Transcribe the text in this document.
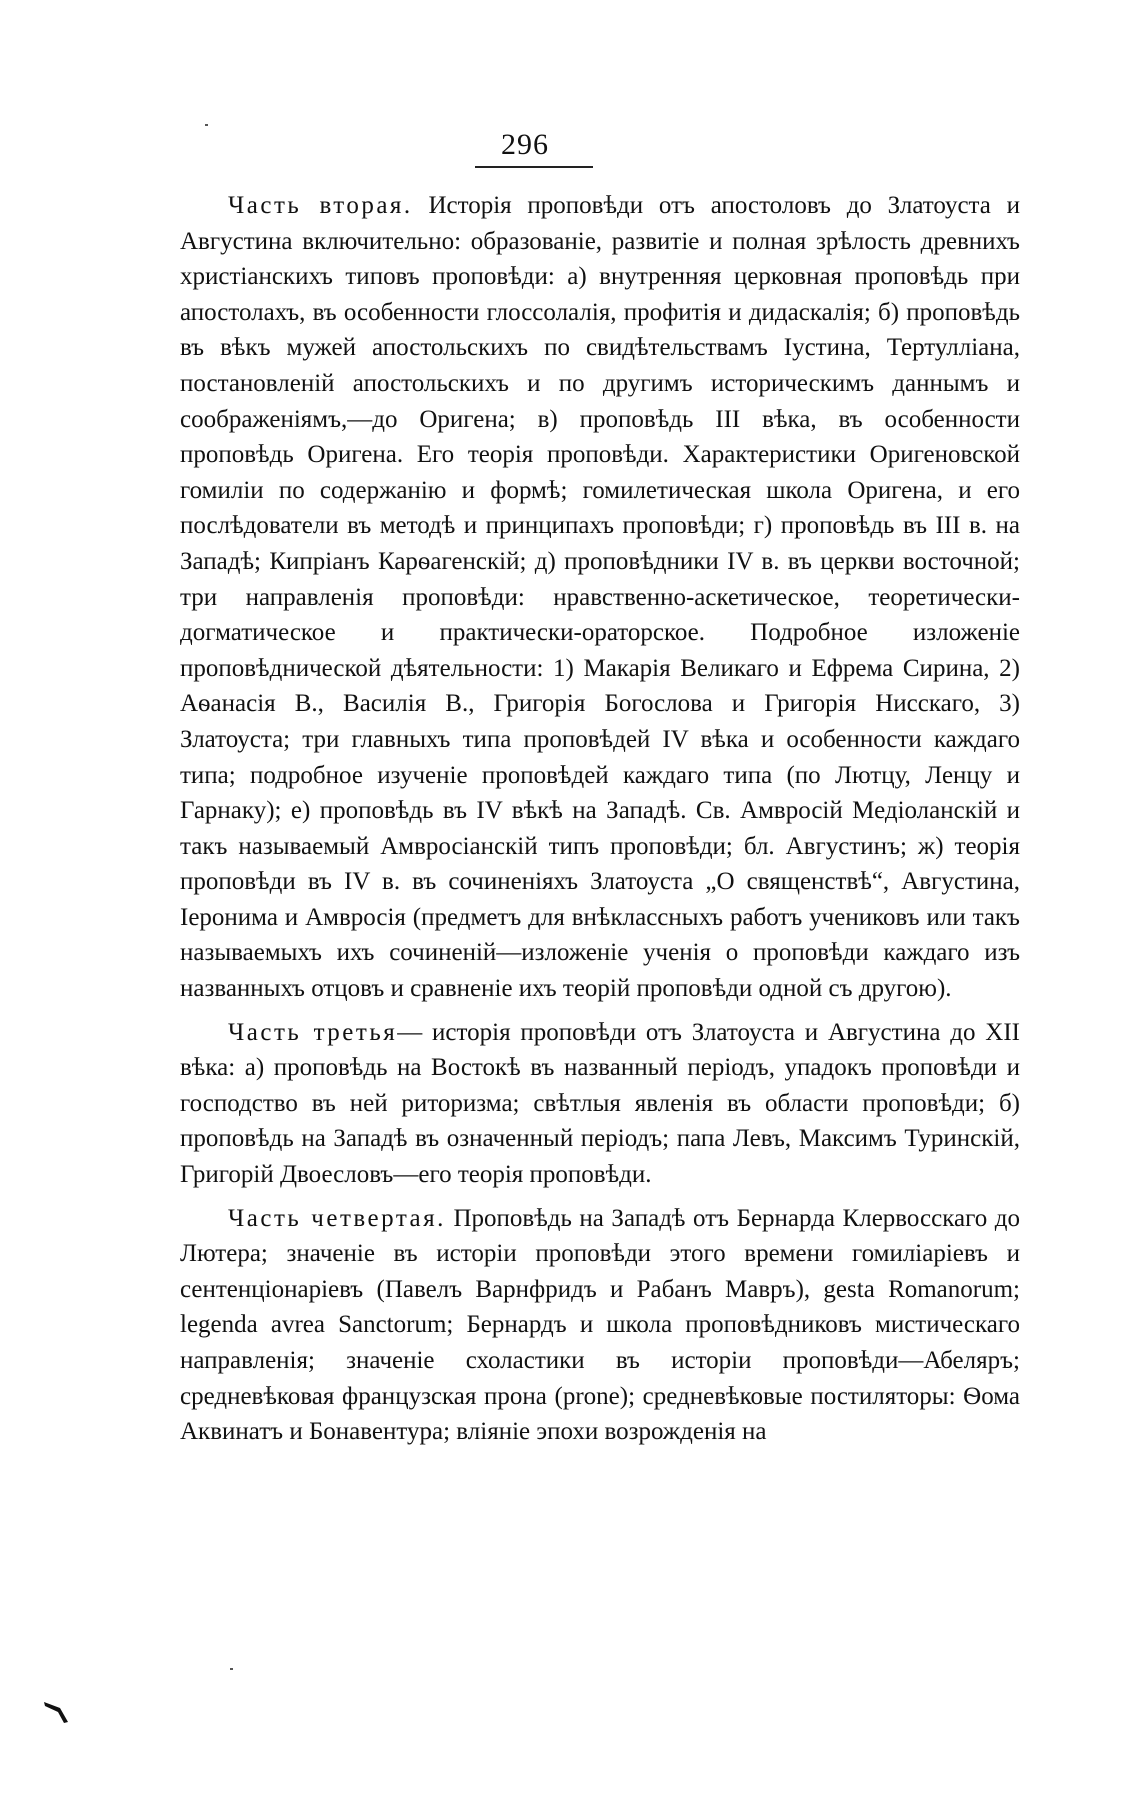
296

Часть вторая. Исторія проповѣди отъ апостоловъ до Златоуста и Августина включительно: образованіе, развитіе и полная зрѣлость древнихъ христіанскихъ типовъ проповѣди: а) внутренняя церковная проповѣдь при апостолахъ, въ особенности глоссолалія, профитія и дидаскалія; б) проповѣдь въ вѣкъ мужей апостольскихъ по свидѣтельствамъ Іустина, Тертулліана, постановленій апостольскихъ и по другимъ историческимъ даннымъ и соображеніямъ,—до Оригена; в) проповѣдь III вѣка, въ особенности проповѣдь Оригена. Его теорія проповѣди. Характеристики Оригеновской гомиліи по содержанію и формѣ; гомилетическая школа Оригена, и его послѣдователи въ методѣ и принципахъ проповѣди; г) проповѣдь въ III в. на Западѣ; Кипріанъ Карѳагенскій; д) проповѣдники IV в. въ церкви восточной; три направленія проповѣди: нравственно-аскетическое, теоретически-догматическое и практически-ораторское. Подробное изложеніе проповѣднической дѣятельности: 1) Макарія Великаго и Ефрема Сирина, 2) Аѳанасія В., Василія В., Григорія Богослова и Григорія Нисскаго, 3) Златоуста; три главныхъ типа проповѣдей IV вѣка и особенности каждаго типа; подробное изученіе проповѣдей каждаго типа (по Лютцу, Ленцу и Гарнаку); е) проповѣдь въ IV вѣкѣ на Западѣ. Св. Амвросій Медіоланскій и такъ называемый Амвросіанскій типъ проповѣди; бл. Августинъ; ж) теорія проповѣди въ IV в. въ сочиненіяхъ Златоуста „О священствѣ“, Августина, Іеронима и Амвросія (предметъ для внѣклассныхъ работъ учениковъ или такъ называемыхъ ихъ сочиненій—изложеніе ученія о проповѣди каждаго изъ названныхъ отцовъ и сравненіе ихъ теорій проповѣди одной съ другою).

Часть третья— исторія проповѣди отъ Златоуста и Августина до XII вѣка: а) проповѣдь на Востокѣ въ названный періодъ, упадокъ проповѣди и господство въ ней риторизма; свѣтлыя явленія въ области проповѣди; б) проповѣдь на Западѣ въ означенный періодъ; папа Левъ, Максимъ Туринскій, Григорій Двоесловъ—его теорія проповѣди.

Часть четвертая. Проповѣдь на Западѣ отъ Бернарда Клервосскаго до Лютера; значеніе въ исторіи проповѣди этого времени гомиліаріевъ и сентенціонаріевъ (Павелъ Варнфридъ и Рабанъ Мавръ), gesta Romanorum; legenda avrea Sanctorum; Бернардъ и школа проповѣдниковъ мистическаго направленія; значеніе схоластики въ исторіи проповѣди—Абеляръ; средневѣковая французская прона (prone); средневѣковые постиляторы: Ѳома Аквинатъ и Бонавентура; вліяніе эпохи возрожденія на
